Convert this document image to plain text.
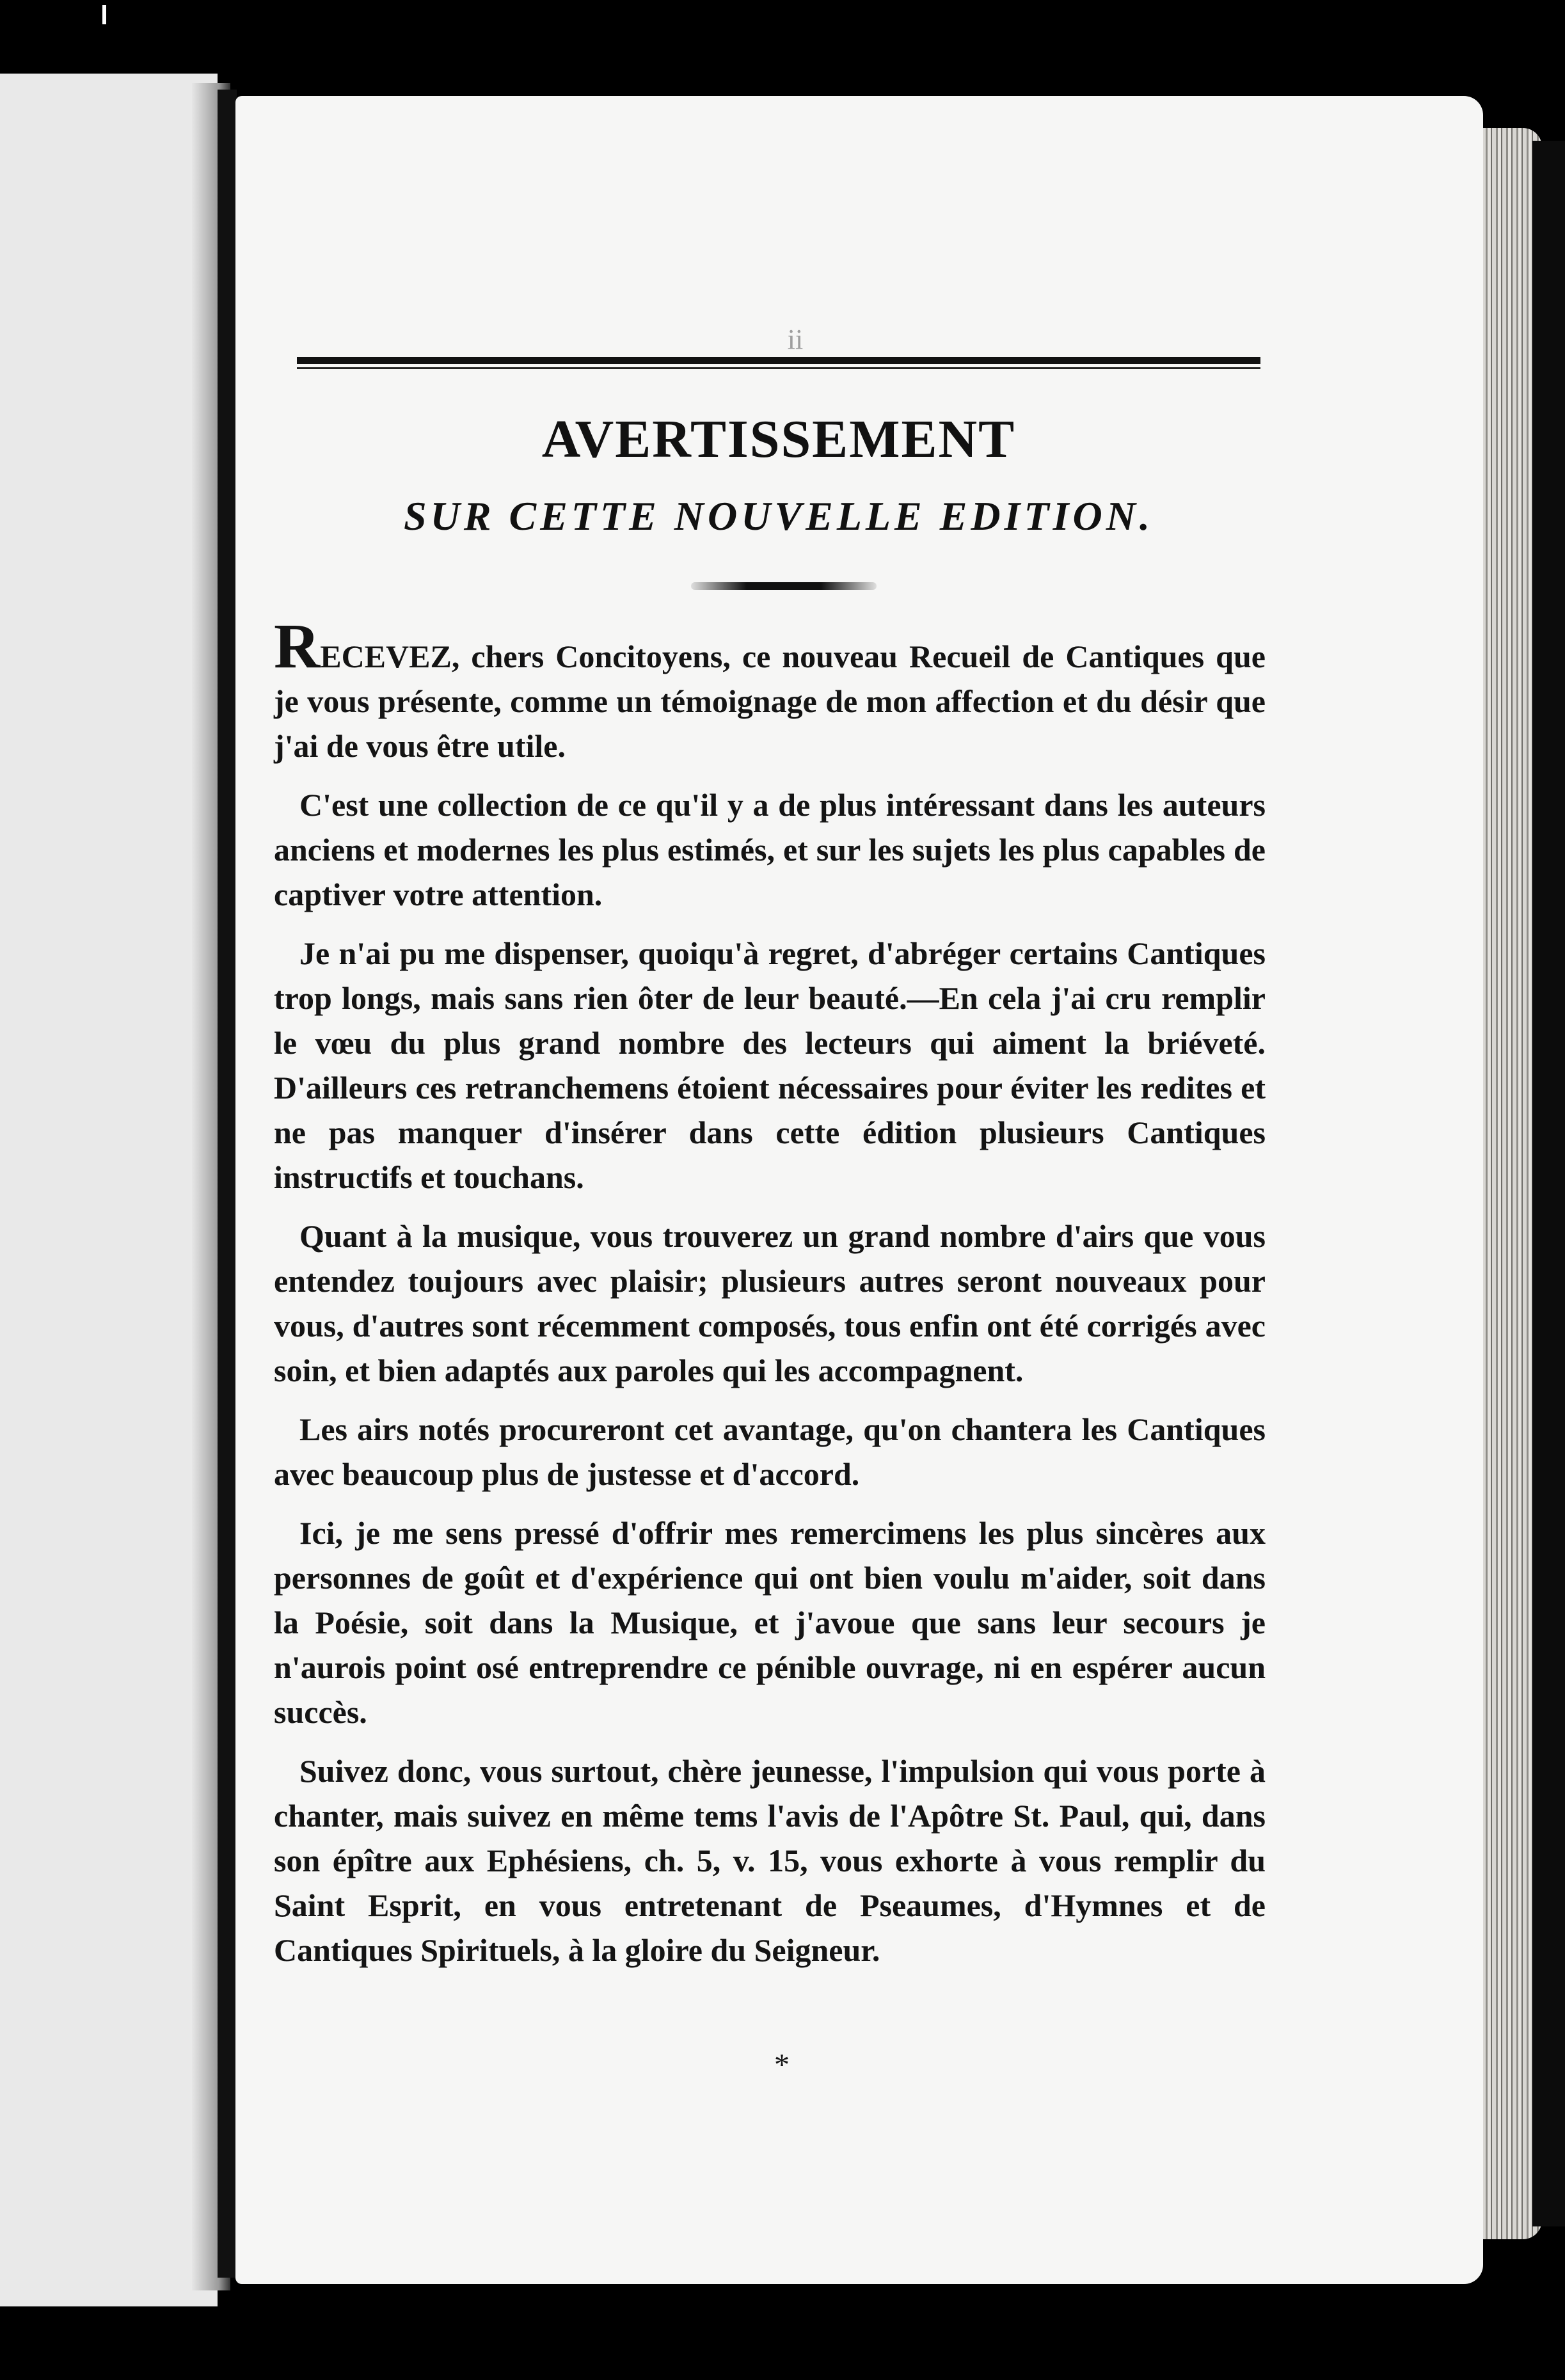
ii
AVERTISSEMENT
SUR CETTE NOUVELLE EDITION.

RECEVEZ, chers Concitoyens, ce nouveau Recueil de Cantiques que je vous présente, comme un témoignage de mon affection et du désir que j'ai de vous être utile.

C'est une collection de ce qu'il y a de plus intéressant dans les auteurs anciens et modernes les plus estimés, et sur les sujets les plus capables de captiver votre attention.

Je n'ai pu me dispenser, quoiqu'à regret, d'abréger certains Cantiques trop longs, mais sans rien ôter de leur beauté.—En cela j'ai cru remplir le vœu du plus grand nombre des lecteurs qui aiment la briéveté. D'ailleurs ces retranchemens étoient nécessaires pour éviter les redites et ne pas manquer d'insérer dans cette édition plusieurs Cantiques instructifs et touchans.

Quant à la musique, vous trouverez un grand nombre d'airs que vous entendez toujours avec plaisir; plusieurs autres seront nouveaux pour vous, d'autres sont récemment composés, tous enfin ont été corrigés avec soin, et bien adaptés aux paroles qui les accompagnent.

Les airs notés procureront cet avantage, qu'on chantera les Cantiques avec beaucoup plus de justesse et d'accord.

Ici, je me sens pressé d'offrir mes remercimens les plus sincères aux personnes de goût et d'expérience qui ont bien voulu m'aider, soit dans la Poésie, soit dans la Musique, et j'avoue que sans leur secours je n'aurois point osé entreprendre ce pénible ouvrage, ni en espérer aucun succès.

Suivez donc, vous surtout, chère jeunesse, l'impulsion qui vous porte à chanter, mais suivez en même tems l'avis de l'Apôtre St. Paul, qui, dans son épître aux Ephésiens, ch. 5, v. 15, vous exhorte à vous remplir du Saint Esprit, en vous entretenant de Pseaumes, d'Hymnes et de Cantiques Spirituels, à la gloire du Seigneur.

*
